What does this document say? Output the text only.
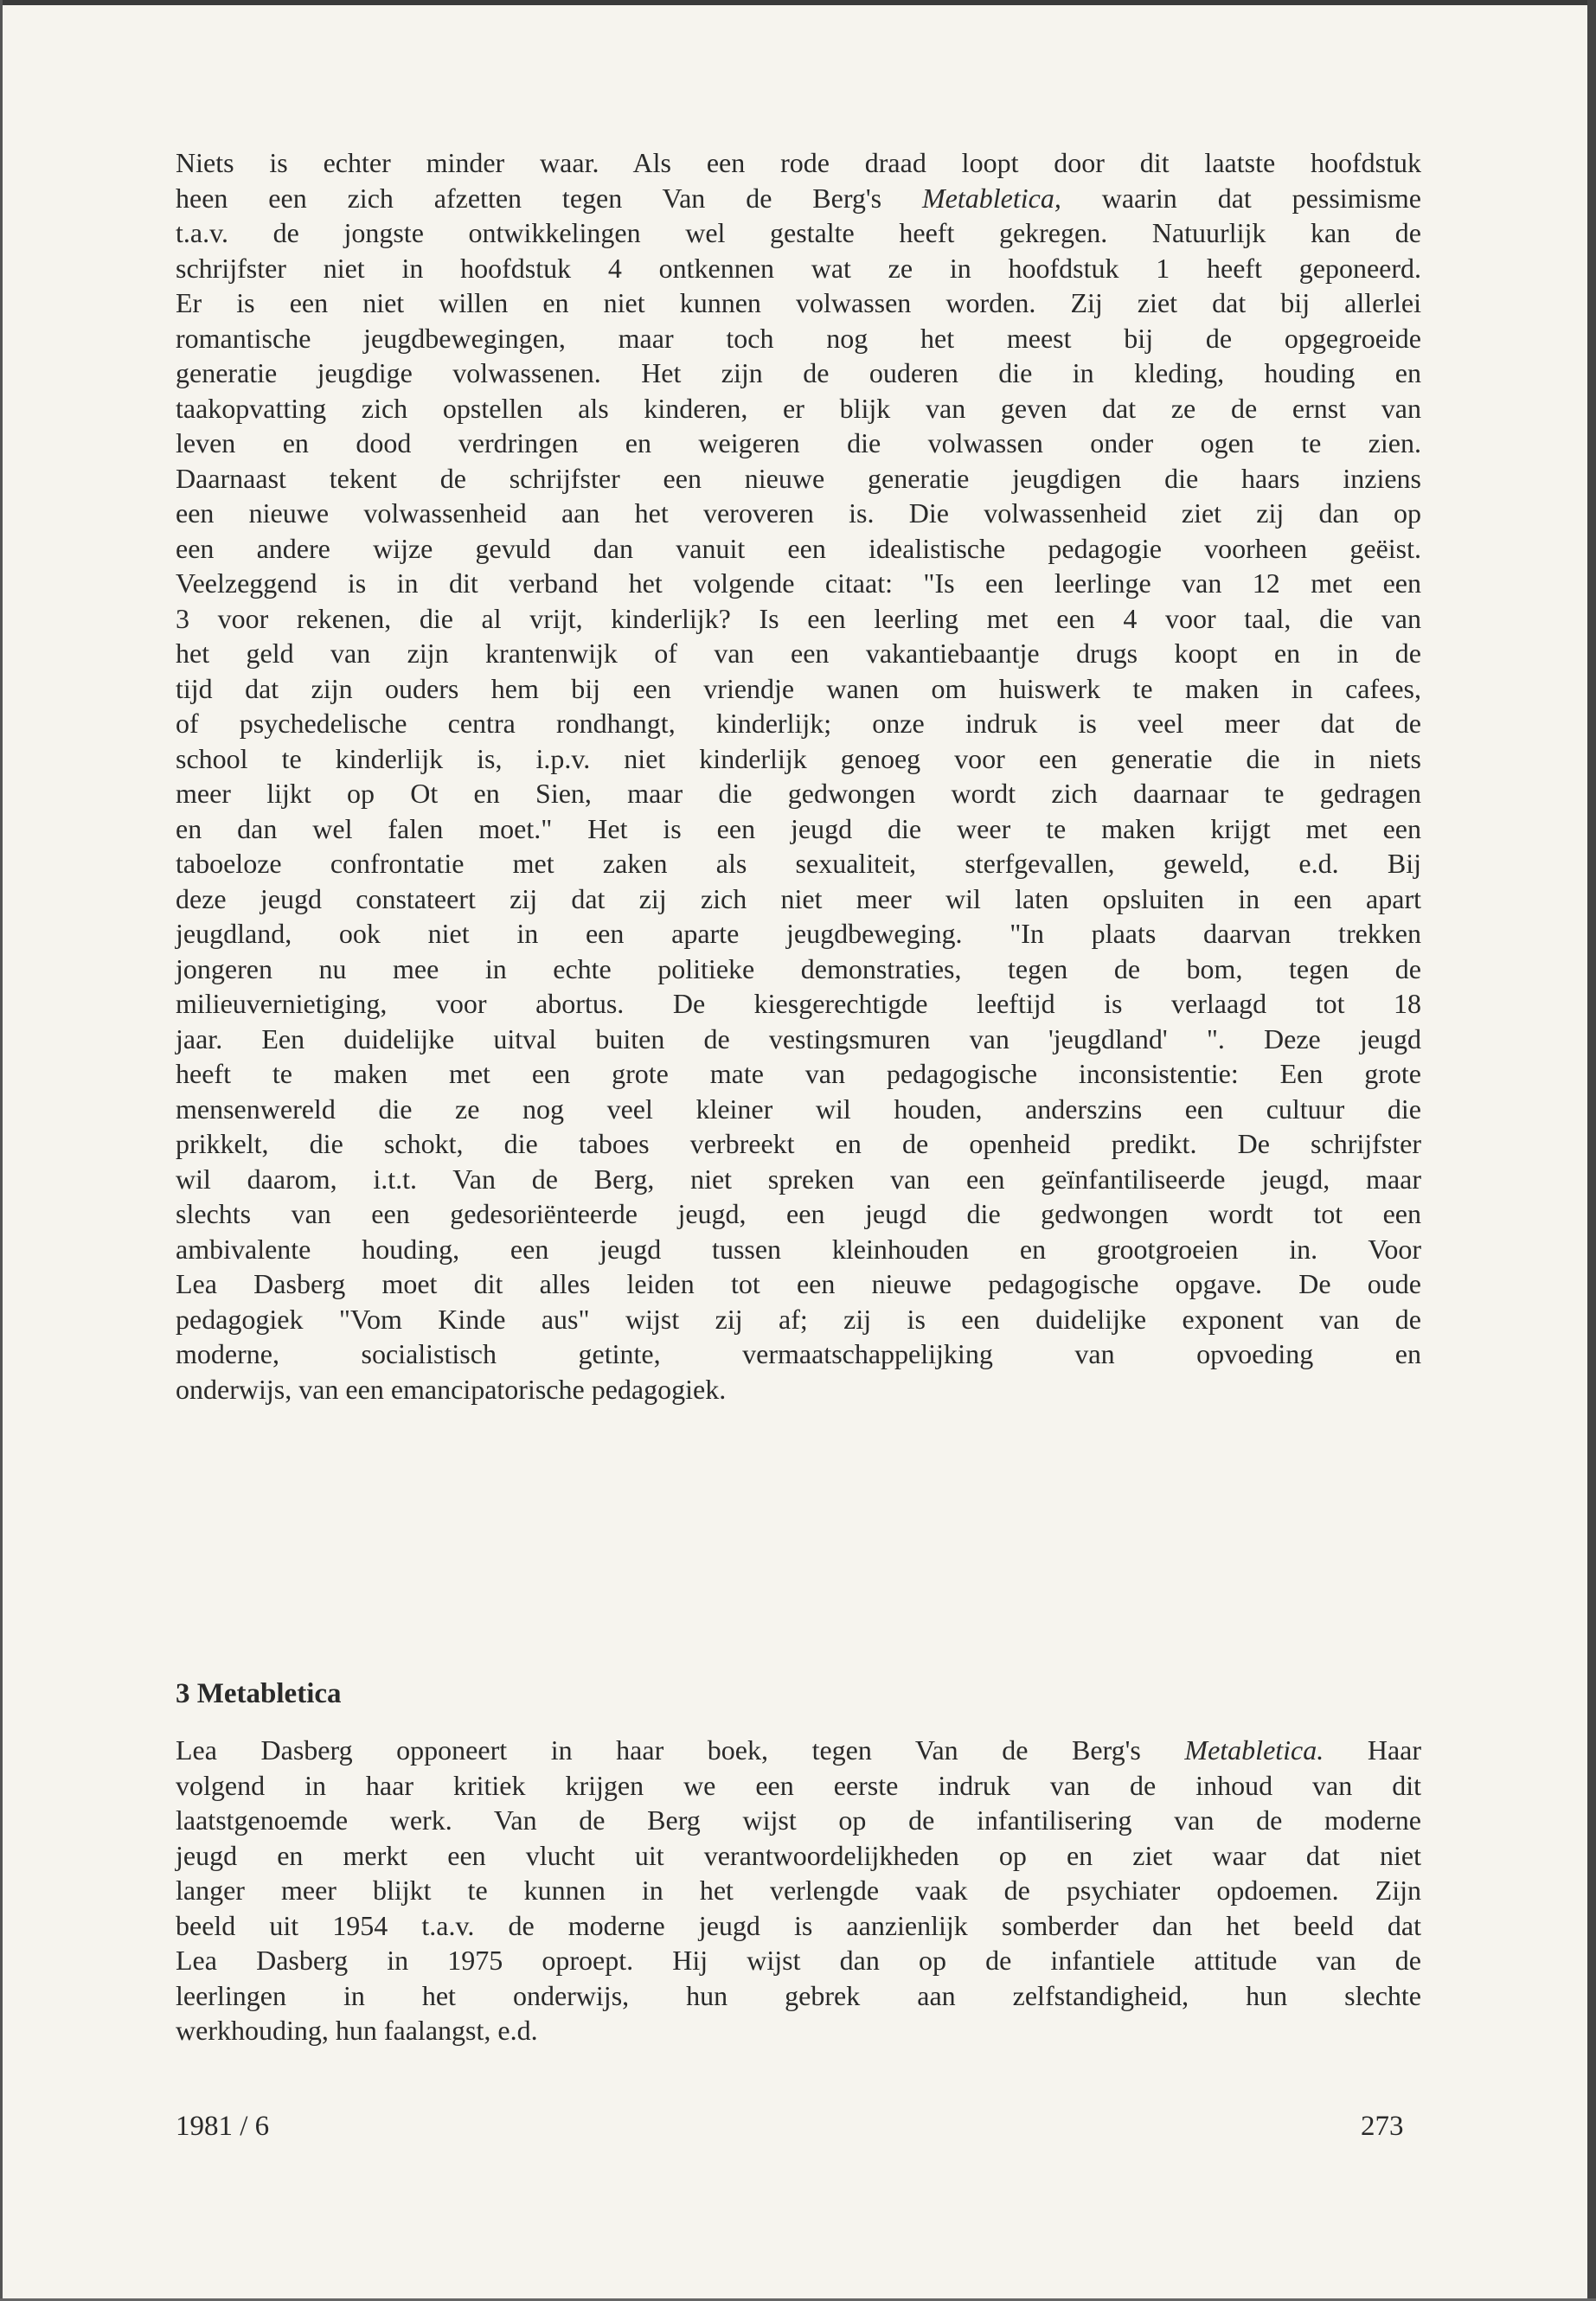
Niets is echter minder waar. Als een rode draad loopt door dit laatste hoofdstuk
heen een zich afzetten tegen Van de Berg's Metabletica, waarin dat pessimisme
t.a.v. de jongste ontwikkelingen wel gestalte heeft gekregen. Natuurlijk kan de
schrijfster niet in hoofdstuk 4 ontkennen wat ze in hoofdstuk 1 heeft geponeerd.
Er is een niet willen en niet kunnen volwassen worden. Zij ziet dat bij allerlei
romantische jeugdbewegingen, maar toch nog het meest bij de opgegroeide
generatie jeugdige volwassenen. Het zijn de ouderen die in kleding, houding en
taakopvatting zich opstellen als kinderen, er blijk van geven dat ze de ernst van
leven en dood verdringen en weigeren die volwassen onder ogen te zien.
Daarnaast tekent de schrijfster een nieuwe generatie jeugdigen die haars inziens
een nieuwe volwassenheid aan het veroveren is. Die volwassenheid ziet zij dan op
een andere wijze gevuld dan vanuit een idealistische pedagogie voorheen geëist.
Veelzeggend is in dit verband het volgende citaat: "Is een leerlinge van 12 met een
3 voor rekenen, die al vrijt, kinderlijk? Is een leerling met een 4 voor taal, die van
het geld van zijn krantenwijk of van een vakantiebaantje drugs koopt en in de
tijd dat zijn ouders hem bij een vriendje wanen om huiswerk te maken in cafees,
of psychedelische centra rondhangt, kinderlijk; onze indruk is veel meer dat de
school te kinderlijk is, i.p.v. niet kinderlijk genoeg voor een generatie die in niets
meer lijkt op Ot en Sien, maar die gedwongen wordt zich daarnaar te gedragen
en dan wel falen moet." Het is een jeugd die weer te maken krijgt met een
taboeloze confrontatie met zaken als sexualiteit, sterfgevallen, geweld, e.d. Bij
deze jeugd constateert zij dat zij zich niet meer wil laten opsluiten in een apart
jeugdland, ook niet in een aparte jeugdbeweging. "In plaats daarvan trekken
jongeren nu mee in echte politieke demonstraties, tegen de bom, tegen de
milieuvernietiging, voor abortus. De kiesgerechtigde leeftijd is verlaagd tot 18
jaar. Een duidelijke uitval buiten de vestingsmuren van 'jeugdland' ". Deze jeugd
heeft te maken met een grote mate van pedagogische inconsistentie: Een grote
mensenwereld die ze nog veel kleiner wil houden, anderszins een cultuur die
prikkelt, die schokt, die taboes verbreekt en de openheid predikt. De schrijfster
wil daarom, i.t.t. Van de Berg, niet spreken van een geïnfantiliseerde jeugd, maar
slechts van een gedesoriënteerde jeugd, een jeugd die gedwongen wordt tot een
ambivalente houding, een jeugd tussen kleinhouden en grootgroeien in. Voor
Lea Dasberg moet dit alles leiden tot een nieuwe pedagogische opgave. De oude
pedagogiek "Vom Kinde aus" wijst zij af; zij is een duidelijke exponent van de
moderne, socialistisch getinte, vermaatschappelijking van opvoeding en
onderwijs, van een emancipatorische pedagogiek.
3 Metabletica
Lea Dasberg opponeert in haar boek, tegen Van de Berg's Metabletica. Haar
volgend in haar kritiek krijgen we een eerste indruk van de inhoud van dit
laatstgenoemde werk. Van de Berg wijst op de infantilisering van de moderne
jeugd en merkt een vlucht uit verantwoordelijkheden op en ziet waar dat niet
langer meer blijkt te kunnen in het verlengde vaak de psychiater opdoemen. Zijn
beeld uit 1954 t.a.v. de moderne jeugd is aanzienlijk somberder dan het beeld dat
Lea Dasberg in 1975 oproept. Hij wijst dan op de infantiele attitude van de
leerlingen in het onderwijs, hun gebrek aan zelfstandigheid, hun slechte
werkhouding, hun faalangst, e.d.
1981 / 6	273
